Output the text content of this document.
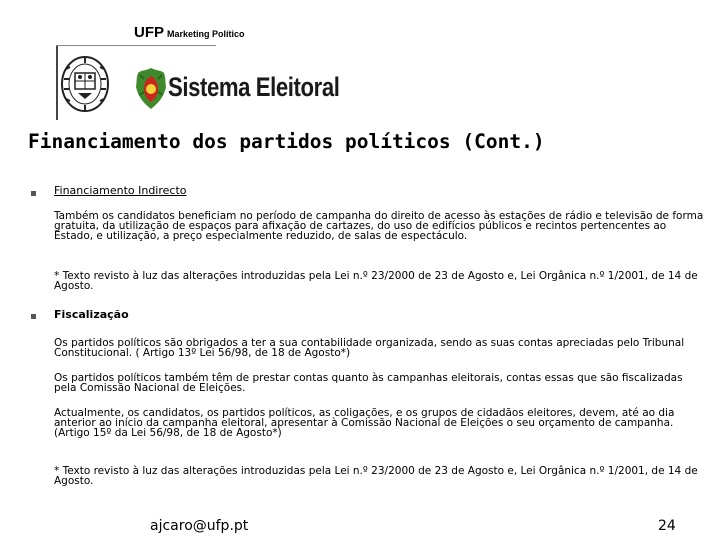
UFP Marketing Político
Sistema Eleitoral
Financiamento dos partidos políticos (Cont.)
Financiamento Indirecto

Também os candidatos beneficiam no período de campanha do direito de acesso às estações de rádio e televisão de forma gratuita, da utilização de espaços para afixação de cartazes, do uso de edifícios públicos e recintos pertencentes ao Estado, e utilização, a preço especialmente reduzido, de salas de espectáculo.

* Texto revisto à luz das alterações introduzidas pela Lei n.º 23/2000 de 23 de Agosto e, Lei Orgânica n.º 1/2001, de 14 de Agosto.

Fiscalização

Os partidos políticos são obrigados a ter a sua contabilidade organizada, sendo as suas contas apreciadas pelo Tribunal Constitucional. ( Artigo 13º Lei 56/98, de 18 de Agosto*)

Os partidos políticos também têm de prestar contas quanto às campanhas eleitorais, contas essas que são fiscalizadas pela Comissão Nacional de Eleições.

Actualmente, os candidatos, os partidos políticos, as coligações, e os grupos de cidadãos eleitores, devem, até ao dia anterior ao início da campanha eleitoral, apresentar à Comissão Nacional de Eleições o seu orçamento de campanha. (Artigo 15º da Lei 56/98, de 18 de Agosto*)

* Texto revisto à luz das alterações introduzidas pela Lei n.º 23/2000 de 23 de Agosto e, Lei Orgânica n.º 1/2001, de 14 de Agosto.

ajcaro@ufp.pt	24
